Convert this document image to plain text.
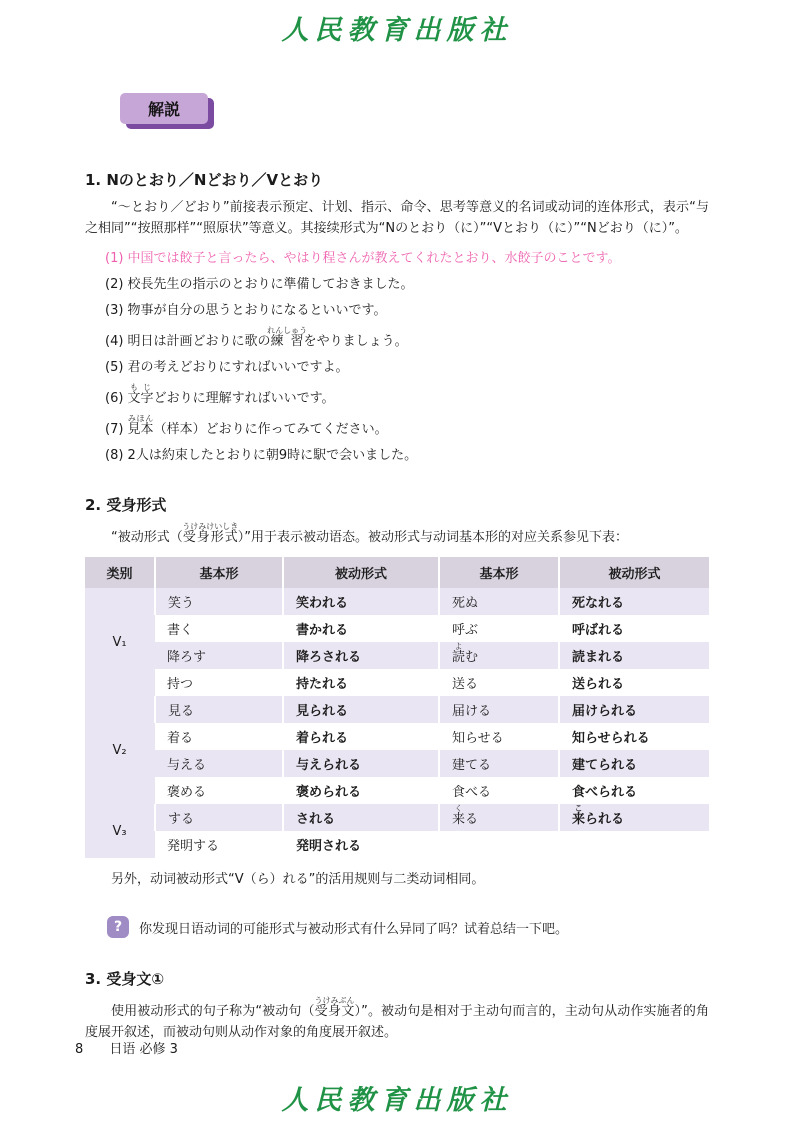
人民教育出版社
解説
1. Nのとおり／Nどおり／Vとおり

“〜とおり／どおり”前接表示预定、计划、指示、命令、思考等意义的名词或动词的连体形式，表示“与之相同”“按照那样”“照原状”等意义。其接续形式为“Nのとおり（に）”“Vとおり（に）”“Nどおり（に）”。

(1) 中国では餃子と言ったら、やはり程さんが教えてくれたとおり、水餃子のことです。
(2) 校長先生の指示のとおりに準備しておきました。
(3) 物事が自分の思うとおりになるといいです。
(4) 明日は計画どおりに歌の練習れんしゅうをやりましょう。
(5) 君の考えどおりにすればいいですよ。
(6) 文字もじどおりに理解すればいいです。
(7) 見本みほん（样本）どおりに作ってみてください。
(8) 2人は約束したとおりに朝9時に駅で会いました。
2. 受身形式

“被动形式（受身形式うけみけいしき）”用于表示被动语态。被动形式与动词基本形的对应关系参见下表：

类别	基本形	被动形式	基本形	被动形式
V₁	笑う	笑われる	死ぬ	死なれる
	書く	書かれる	呼ぶ	呼ばれる
	降ろす	降ろされる	読よむ	読まれる
	持つ	持たれる	送る	送られる
V₂	見る	見られる	届ける	届けられる
	着る	着られる	知らせる	知らせられる
	与える	与えられる	建てる	建てられる
	褒める	褒められる	食べる	食べられる
V₃	する	される	来くる	来こられる
	発明する	発明される		

另外，动词被动形式“V（ら）れる”的活用规则与二类动词相同。

?	你发现日语动词的可能形式与被动形式有什么异同了吗？试着总结一下吧。
3. 受身文①

使用被动形式的句子称为“被动句（受身文うけみぶん）”。被动句是相对于主动句而言的，主动句从动作实施者的角度展开叙述，而被动句则从动作对象的角度展开叙述。

8 日语 必修 3
人民教育出版社
